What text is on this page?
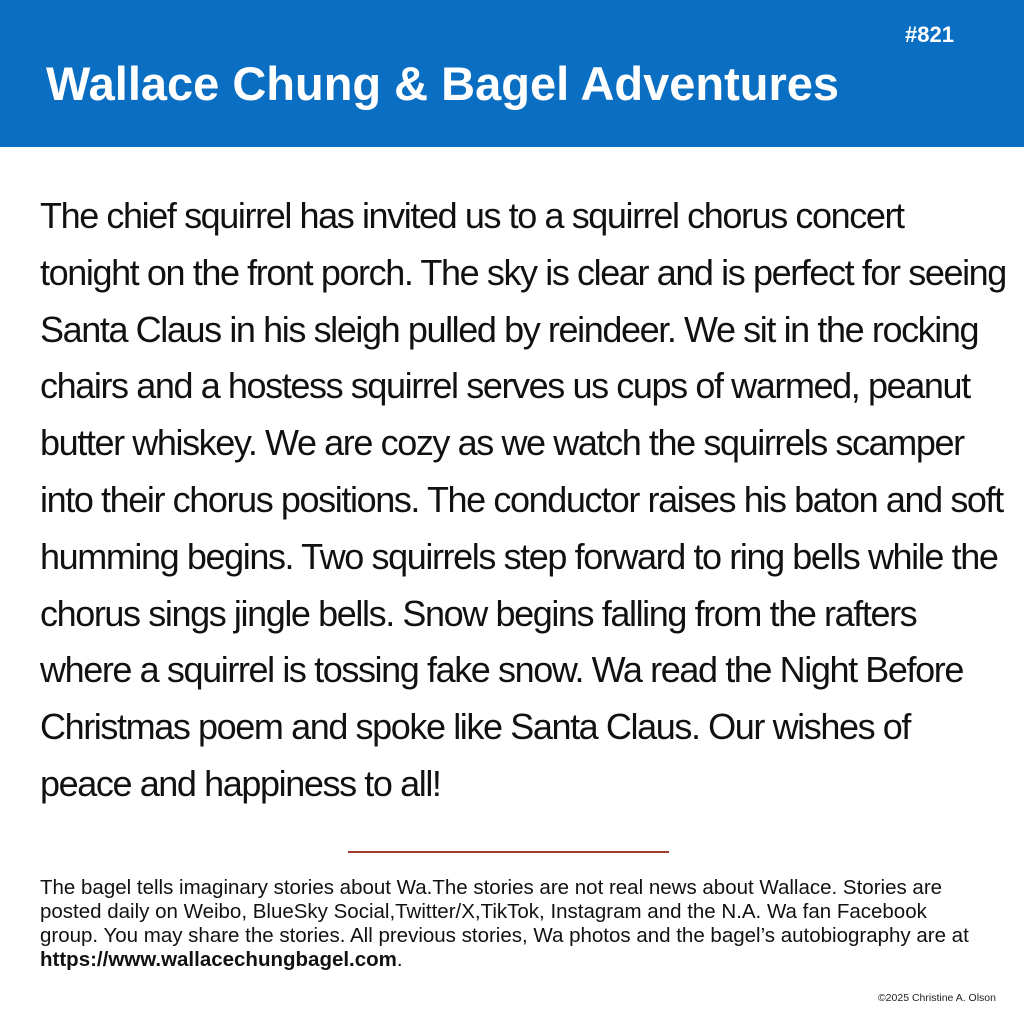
#821
Wallace Chung & Bagel Adventures

The chief squirrel has invited us to a squirrel chorus concert tonight on the front porch. The sky is clear and is perfect for seeing Santa Claus in his sleigh pulled by reindeer. We sit in the rocking chairs and a hostess squirrel serves us cups of warmed, peanut butter whiskey. We are cozy as we watch the squirrels scamper into their chorus positions. The conductor raises his baton and soft humming begins. Two squirrels step forward to ring bells while the chorus sings jingle bells. Snow begins falling from the rafters where a squirrel is tossing fake snow. Wa read the Night Before Christmas poem and spoke like Santa Claus. Our wishes of peace and happiness to all!

The bagel tells imaginary stories about Wa.The stories are not real news about Wallace. Stories are posted daily on Weibo, BlueSky Social,Twitter/X,TikTok, Instagram and the N.A. Wa fan Facebook group. You may share the stories. All previous stories, Wa photos and the bagel’s autobiography are at https://www.wallacechungbagel.com.

©2025 Christine A. Olson
